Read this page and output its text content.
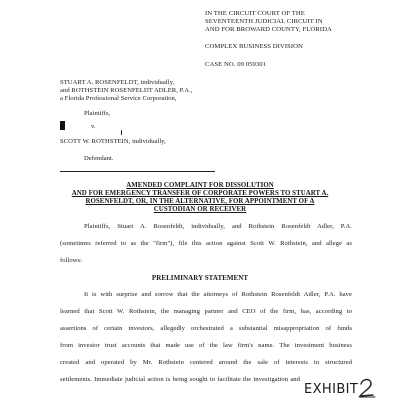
IN THE CIRCUIT COURT OF THE
SEVENTEENTH JUDICIAL CIRCUIT IN
AND FOR BROWARD COUNTY, FLORIDA
COMPLEX BUSINESS DIVISION
CASE NO. 09 059301
STUART A. ROSENFELDT, individually,
and ROTHSTEIN ROSENFELDT ADLER, P.A.,
a Florida Professional Service Corporation,
Plaintiffs,
v.
SCOTT W. ROTHSTEIN, individually,
Defendant.
AMENDED COMPLAINT FOR DISSOLUTION
AND FOR EMERGENCY TRANSFER OF CORPORATE POWERS TO STUART A.
ROSENFELDT, OR, IN THE ALTERNATIVE, FOR APPOINTMENT OF A
CUSTODIAN OR RECEIVER
Plaintiffs, Stuart A. Rosenfeldt, individually, and Rothstein Rosenfeldt Adler, P.A.
(sometimes referred to as the "firm"), file this action against Scott W. Rothstein, and allege as
follows:
PRELIMINARY STATEMENT
It is with surprise and sorrow that the attorneys of Rothstein Rosenfeldt Adler, P.A. have
learned that Scott W. Rothstein, the managing partner and CEO of the firm, has, according to
assertions of certain investors, allegedly orchestrated a substantial misappropriation of funds
from investor trust accounts that made use of the law firm's name. The investment business
created and operated by Mr. Rothstein centered around the sale of interests in structured
settlements. Immediate judicial action is being sought to facilitate the investigation and
EXHIBIT
